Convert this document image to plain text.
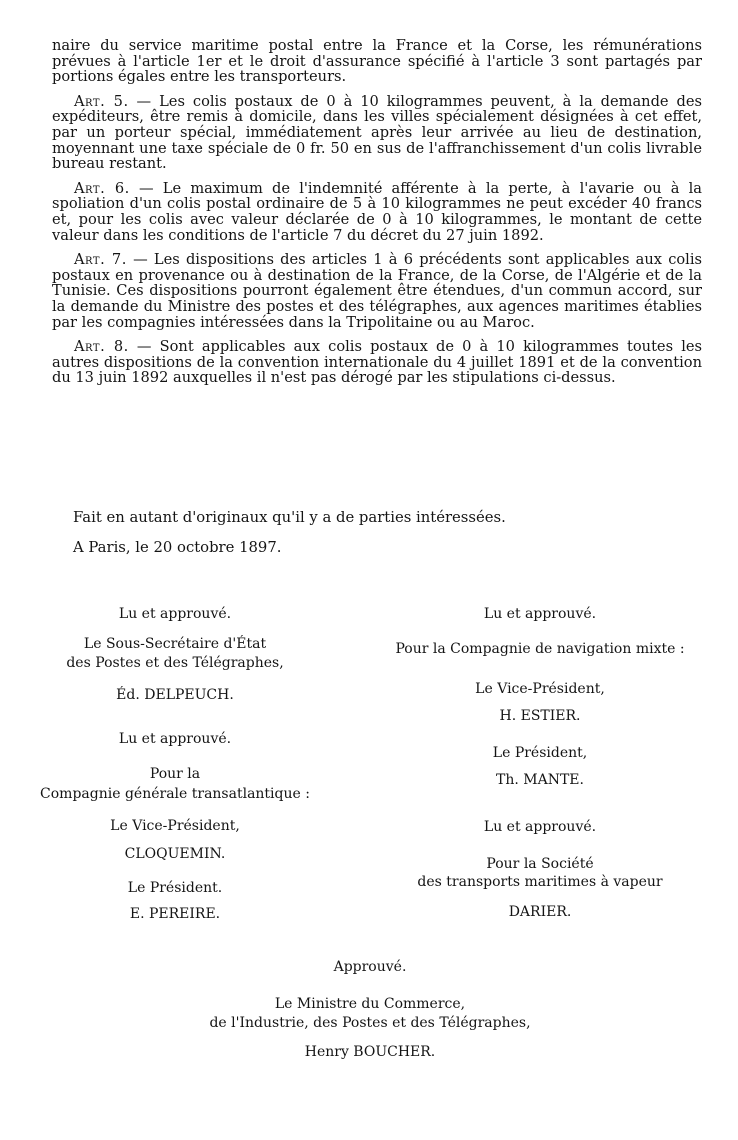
naire du service maritime postal entre la France et la Corse, les rémunérations prévues à l'article 1er et le droit d'assurance spécifié à l'article 3 sont partagés par portions égales entre les transporteurs.

Art. 5. — Les colis postaux de 0 à 10 kilogrammes peuvent, à la demande des expéditeurs, être remis à domicile, dans les villes spécialement désignées à cet effet, par un porteur spécial, immédiatement après leur arrivée au lieu de destination, moyennant une taxe spéciale de 0 fr. 50 en sus de l'affranchissement d'un colis livrable bureau restant.

Art. 6. — Le maximum de l'indemnité afférente à la perte, à l'avarie ou à la spoliation d'un colis postal ordinaire de 5 à 10 kilogrammes ne peut excéder 40 francs et, pour les colis avec valeur déclarée de 0 à 10 kilogrammes, le montant de cette valeur dans les conditions de l'article 7 du décret du 27 juin 1892.

Art. 7. — Les dispositions des articles 1 à 6 précédents sont applicables aux colis postaux en provenance ou à destination de la France, de la Corse, de l'Algérie et de la Tunisie. Ces dispositions pourront également être étendues, d'un commun accord, sur la demande du Ministre des postes et des télégraphes, aux agences maritimes établies par les compagnies intéressées dans la Tripolitaine ou au Maroc.

Art. 8. — Sont applicables aux colis postaux de 0 à 10 kilogrammes toutes les autres dispositions de la convention internationale du 4 juillet 1891 et de la convention du 13 juin 1892 auxquelles il n'est pas dérogé par les stipulations ci-dessus.

Fait en autant d'originaux qu'il y a de parties intéressées.
A Paris, le 20 octobre 1897.
Lu et approuvé.
Le Sous-Secrétaire d'État
des Postes et des Télégraphes,
Éd. DELPEUCH.
Lu et approuvé.
Pour la
Compagnie générale transatlantique :
Le Vice-Président,
CLOQUEMIN.
Le Président.
E. PEREIRE.
Lu et approuvé.
Pour la Compagnie de navigation mixte :
Le Vice-Président,
H. ESTIER.
Le Président,
Th. MANTE.
Lu et approuvé.
Pour la Société
des transports maritimes à vapeur
DARIER.
Approuvé.
Le Ministre du Commerce,
de l'Industrie, des Postes et des Télégraphes,
Henry BOUCHER.
